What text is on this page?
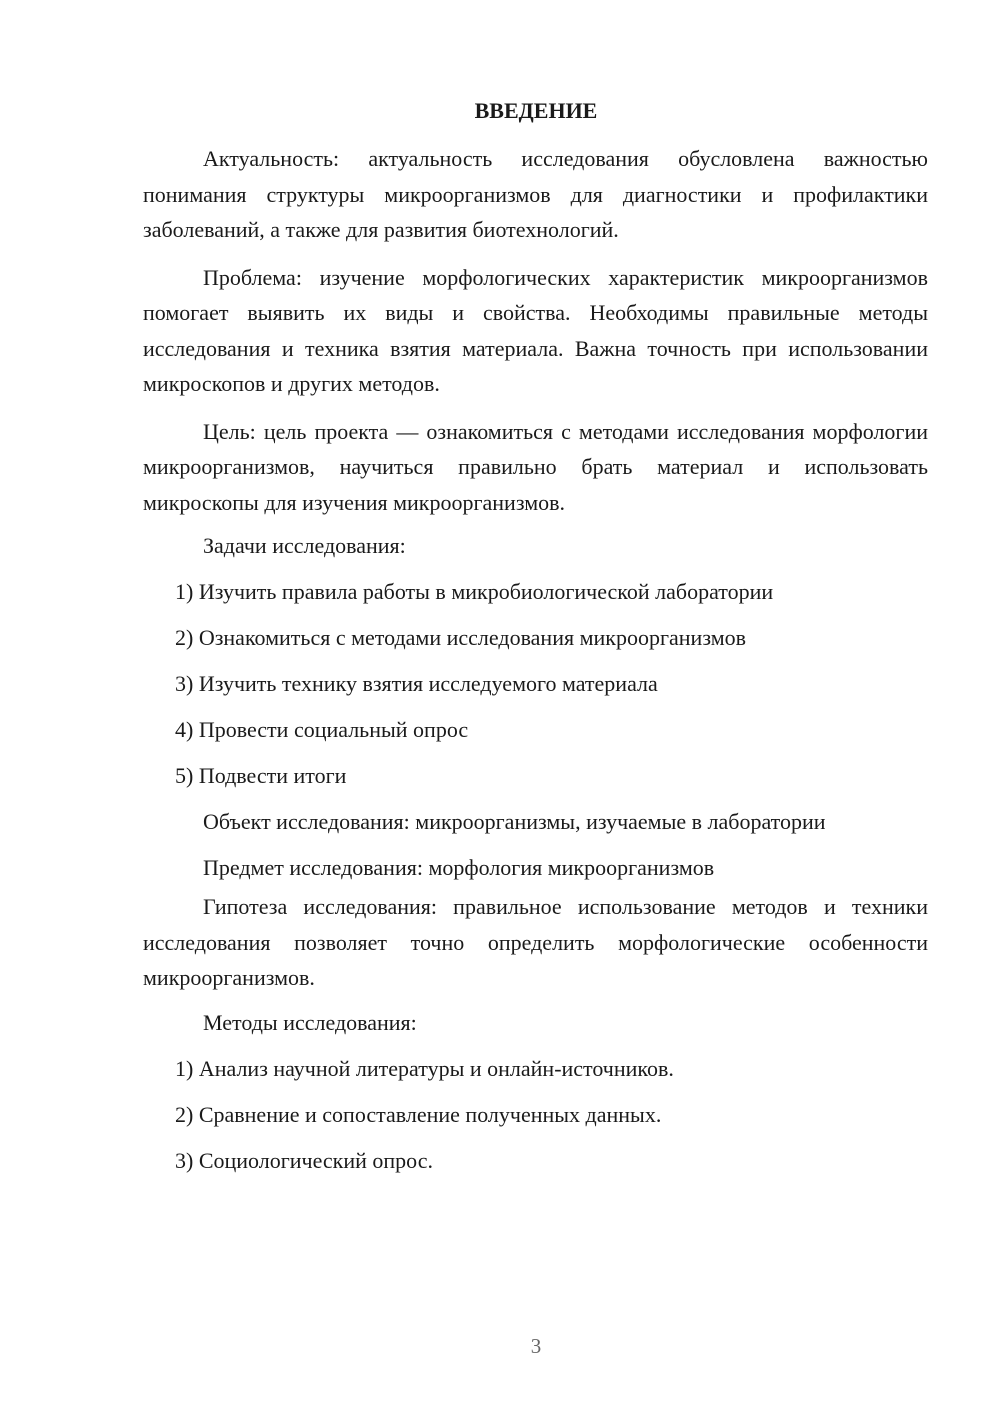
ВВЕДЕНИЕ

Актуальность: актуальность исследования обусловлена важностью понимания структуры микроорганизмов для диагностики и профилактики заболеваний, а также для развития биотехнологий.

Проблема: изучение морфологических характеристик микроорганизмов помогает выявить их виды и свойства. Необходимы правильные методы исследования и техника взятия материала. Важна точность при использовании микроскопов и других методов.

Цель: цель проекта — ознакомиться с методами исследования морфологии микроорганизмов, научиться правильно брать материал и использовать микроскопы для изучения микроорганизмов.

Задачи исследования:

1) Изучить правила работы в микробиологической лаборатории

2) Ознакомиться с методами исследования микроорганизмов

3) Изучить технику взятия исследуемого материала

4) Провести социальный опрос

5) Подвести итоги

Объект исследования: микроорганизмы, изучаемые в лаборатории

Предмет исследования: морфология микроорганизмов

Гипотеза исследования: правильное использование методов и техники исследования позволяет точно определить морфологические особенности микроорганизмов.

Методы исследования:

1) Анализ научной литературы и онлайн-источников.

2) Сравнение и сопоставление полученных данных.

3) Социологический опрос.

3
